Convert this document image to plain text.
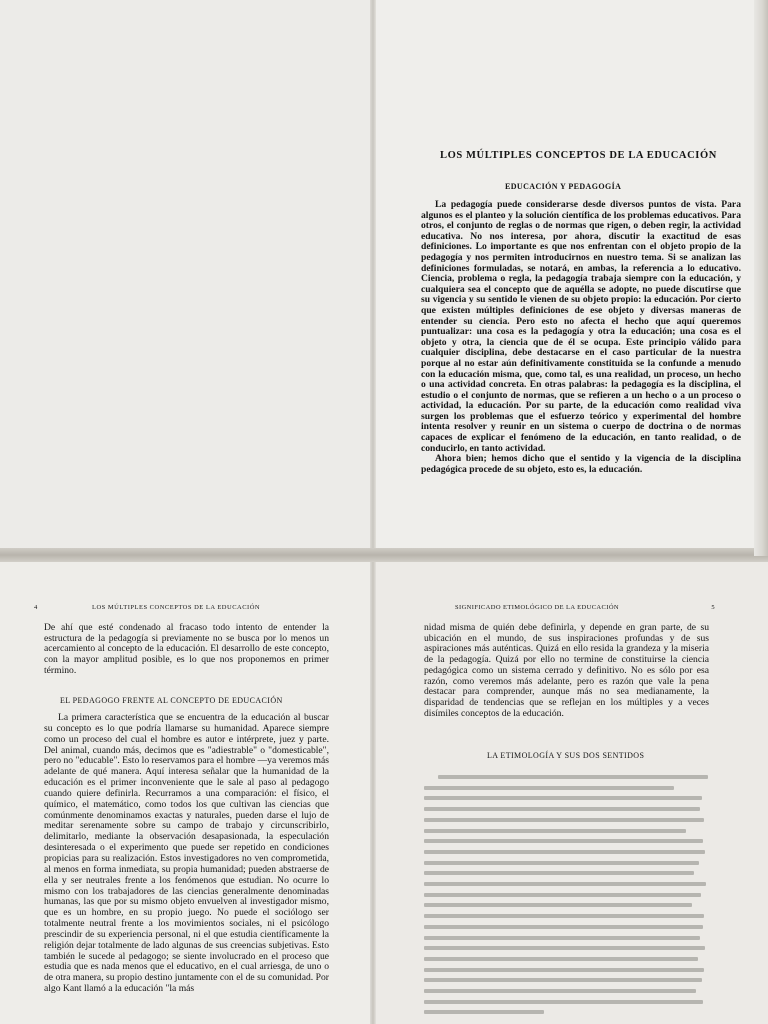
LOS MÚLTIPLES CONCEPTOS DE LA EDUCACIÓN
EDUCACIÓN Y PEDAGOGÍA

La pedagogía puede considerarse desde diversos puntos de vista. Para algunos es el planteo y la solución científica de los problemas educativos. Para otros, el conjunto de reglas o de normas que rigen, o deben regir, la actividad educativa. No nos interesa, por ahora, discutir la exactitud de esas definiciones. Lo importante es que nos enfrentan con el objeto propio de la pedagogía y nos permiten introducirnos en nuestro tema. Si se analizan las definiciones formuladas, se notará, en ambas, la referencia a lo educativo. Ciencia, problema o regla, la pedagogía trabaja siempre con la educación, y cualquiera sea el concepto que de aquélla se adopte, no puede discutirse que su vigencia y su sentido le vienen de su objeto propio: la educación. Por cierto que existen múltiples definiciones de ese objeto y diversas maneras de entender su ciencia. Pero esto no afecta el hecho que aquí queremos puntualizar: una cosa es la pedagogía y otra la educación; una cosa es el objeto y otra, la ciencia que de él se ocupa. Este principio válido para cualquier disciplina, debe destacarse en el caso particular de la nuestra porque al no estar aún definitivamente constituida se la confunde a menudo con la educación misma, que, como tal, es una realidad, un proceso, un hecho o una actividad concreta. En otras palabras: la pedagogía es la disciplina, el estudio o el conjunto de normas, que se refieren a un hecho o a un proceso o actividad, la educación. Por su parte, de la educación como realidad viva surgen los problemas que el esfuerzo teórico y experimental del hombre intenta resolver y reunir en un sistema o cuerpo de doctrina o de normas capaces de explicar el fenómeno de la educación, en tanto realidad, o de conducirlo, en tanto actividad.

Ahora bien; hemos dicho que el sentido y la vigencia de la disciplina pedagógica procede de su objeto, esto es, la educación.

4	LOS MÚLTIPLES CONCEPTOS DE LA EDUCACIÓN

De ahí que esté condenado al fracaso todo intento de entender la estructura de la pedagogía si previamente no se busca por lo menos un acercamiento al concepto de la educación. El desarrollo de este concepto, con la mayor amplitud posible, es lo que nos proponemos en primer término.

EL PEDAGOGO FRENTE AL CONCEPTO DE EDUCACIÓN

La primera característica que se encuentra de la educación al buscar su concepto es lo que podría llamarse su humanidad. Aparece siempre como un proceso del cual el hombre es autor e intérprete, juez y parte. Del animal, cuando más, decimos que es "adiestrable" o "domesticable", pero no "educable". Esto lo reservamos para el hombre —ya veremos más adelante de qué manera. Aquí interesa señalar que la humanidad de la educación es el primer inconveniente que le sale al paso al pedagogo cuando quiere definirla. Recurramos a una comparación: el físico, el químico, el matemático, como todos los que cultivan las ciencias que comúnmente denominamos exactas y naturales, pueden darse el lujo de meditar serenamente sobre su campo de trabajo y circunscribirlo, delimitarlo, mediante la observación desapasionada, la especulación desinteresada o el experimento que puede ser repetido en condiciones propicias para su realización. Estos investigadores no ven comprometida, al menos en forma inmediata, su propia humanidad; pueden abstraerse de ella y ser neutrales frente a los fenómenos que estudian. No ocurre lo mismo con los trabajadores de las ciencias generalmente denominadas humanas, las que por su mismo objeto envuelven al investigador mismo, que es un hombre, en su propio juego. No puede el sociólogo ser totalmente neutral frente a los movimientos sociales, ni el psicólogo prescindir de su experiencia personal, ni el que estudia científicamente la religión dejar totalmente de lado algunas de sus creencias subjetivas. Esto también le sucede al pedagogo; se siente involucrado en el proceso que estudia que es nada menos que el educativo, en el cual arriesga, de uno o de otra manera, su propio destino juntamente con el de su comunidad. Por algo Kant llamó a la educación "la más

SIGNIFICADO ETIMOLÓGICO DE LA EDUCACIÓN	5

nidad misma de quién debe definirla, y depende en gran parte, de su ubicación en el mundo, de sus inspiraciones profundas y de sus aspiraciones más auténticas. Quizá en ello resida la grandeza y la miseria de la pedagogía. Quizá por ello no termine de constituirse la ciencia pedagógica como un sistema cerrado y definitivo. No es sólo por esa razón, como veremos más adelante, pero es razón que vale la pena destacar para comprender, aunque más no sea medianamente, la disparidad de tendencias que se reflejan en los múltiples y a veces disímiles conceptos de la educación.

LA ETIMOLOGÍA Y SUS DOS SENTIDOS
